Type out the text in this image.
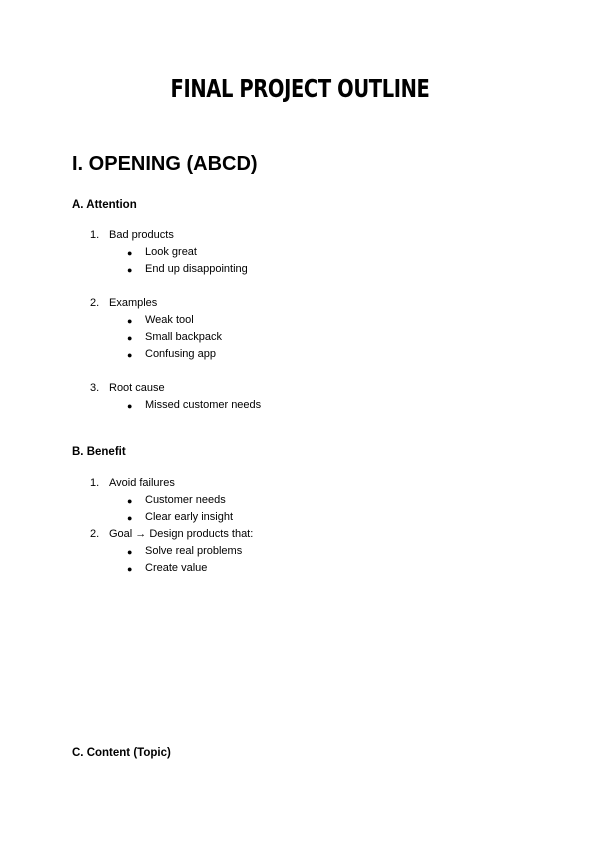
FINAL PROJECT OUTLINE
I. OPENING (ABCD)
A. Attention
1. Bad products
● Look great
● End up disappointing
2. Examples
● Weak tool
● Small backpack
● Confusing app
3. Root cause
● Missed customer needs
B. Benefit
1. Avoid failures
● Customer needs
● Clear early insight
2. Goal → Design products that:
● Solve real problems
● Create value
C. Content (Topic)
